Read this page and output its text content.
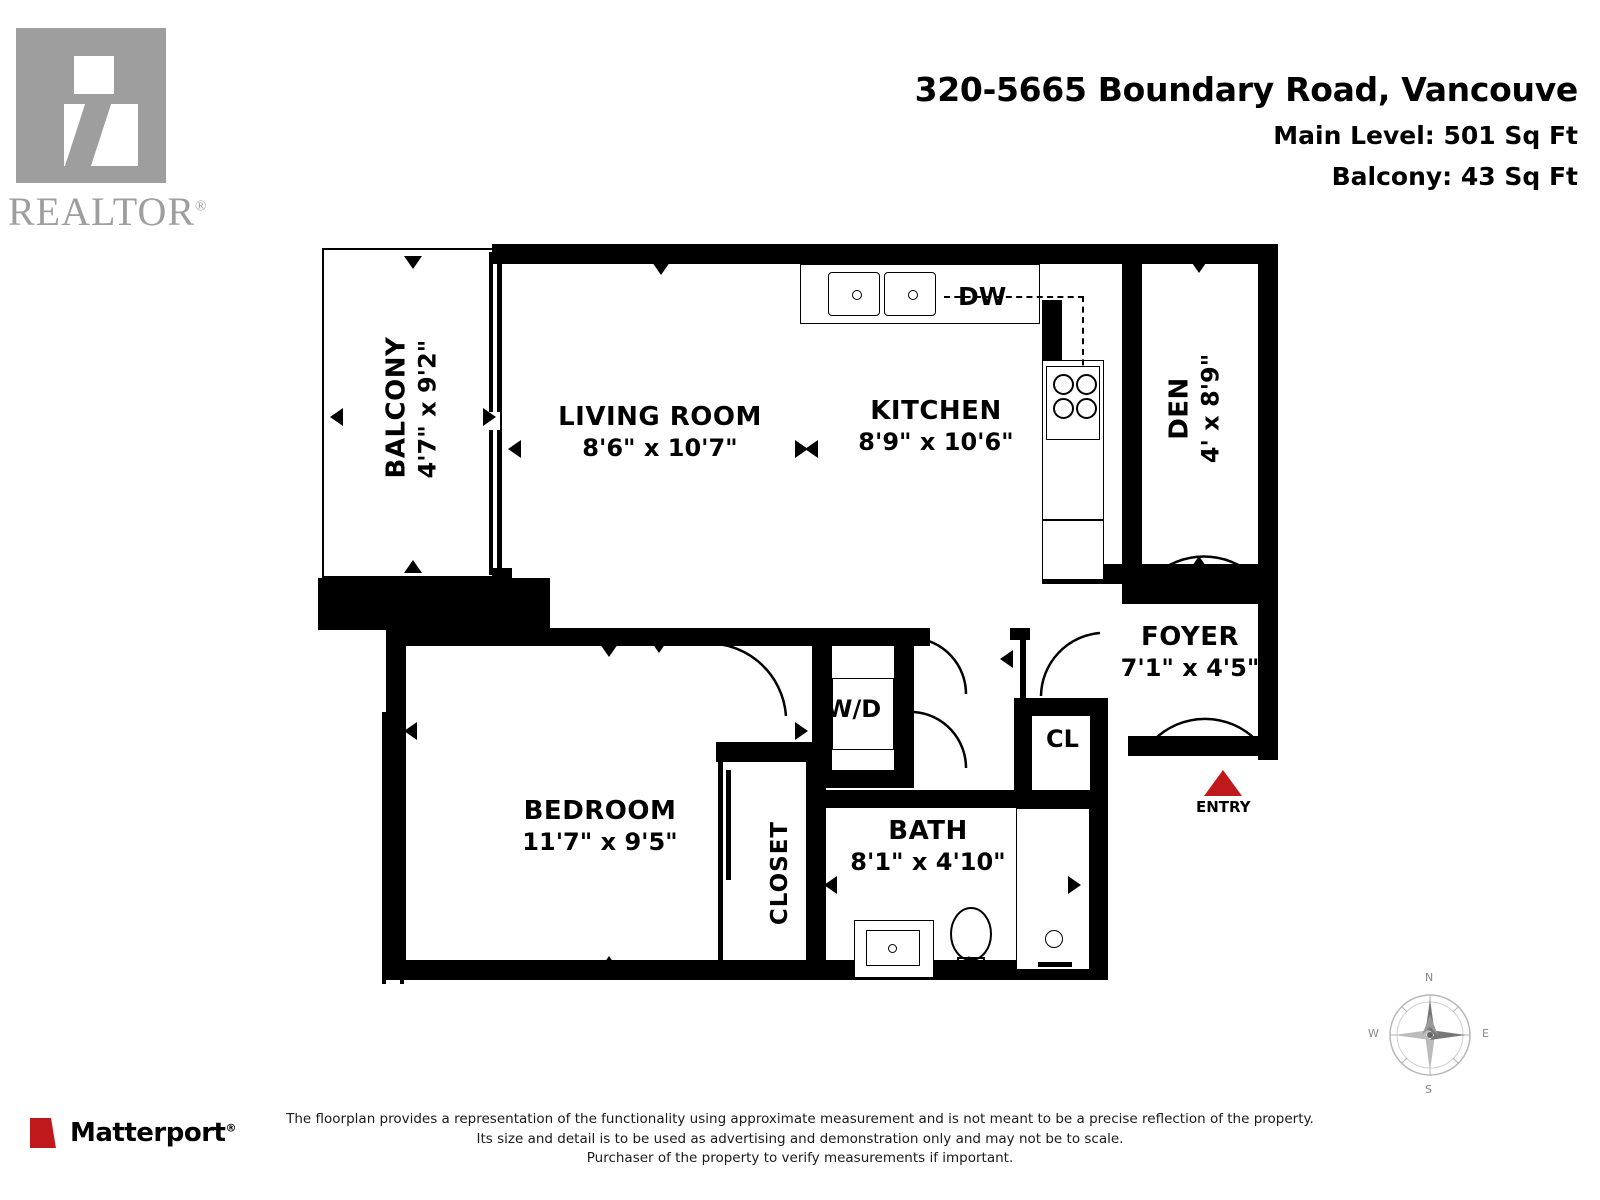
REALTOR®
320-5665 Boundary Road, Vancouve
Main Level: 501 Sq Ft
Balcony: 43 Sq Ft
DW
CL
BALCONY 4'7" x 9'2"	LIVING ROOM
8'6" x 10'7"
KITCHEN
8'9" x 10'6"
DEN 4' x 8'9"
FOYER
7'1" x 4'5"
BEDROOM
11'7" x 9'5"	BATH
8'1" x 4'10"
W/D
CLOSET
ENTRY
N
S
W	E
Matterport®
The floorplan provides a representation of the functionality using approximate measurement and is not meant to be a precise reflection of the property.
Its size and detail is to be used as advertising and demonstration only and may not be to scale.
Purchaser of the property to verify measurements if important.
